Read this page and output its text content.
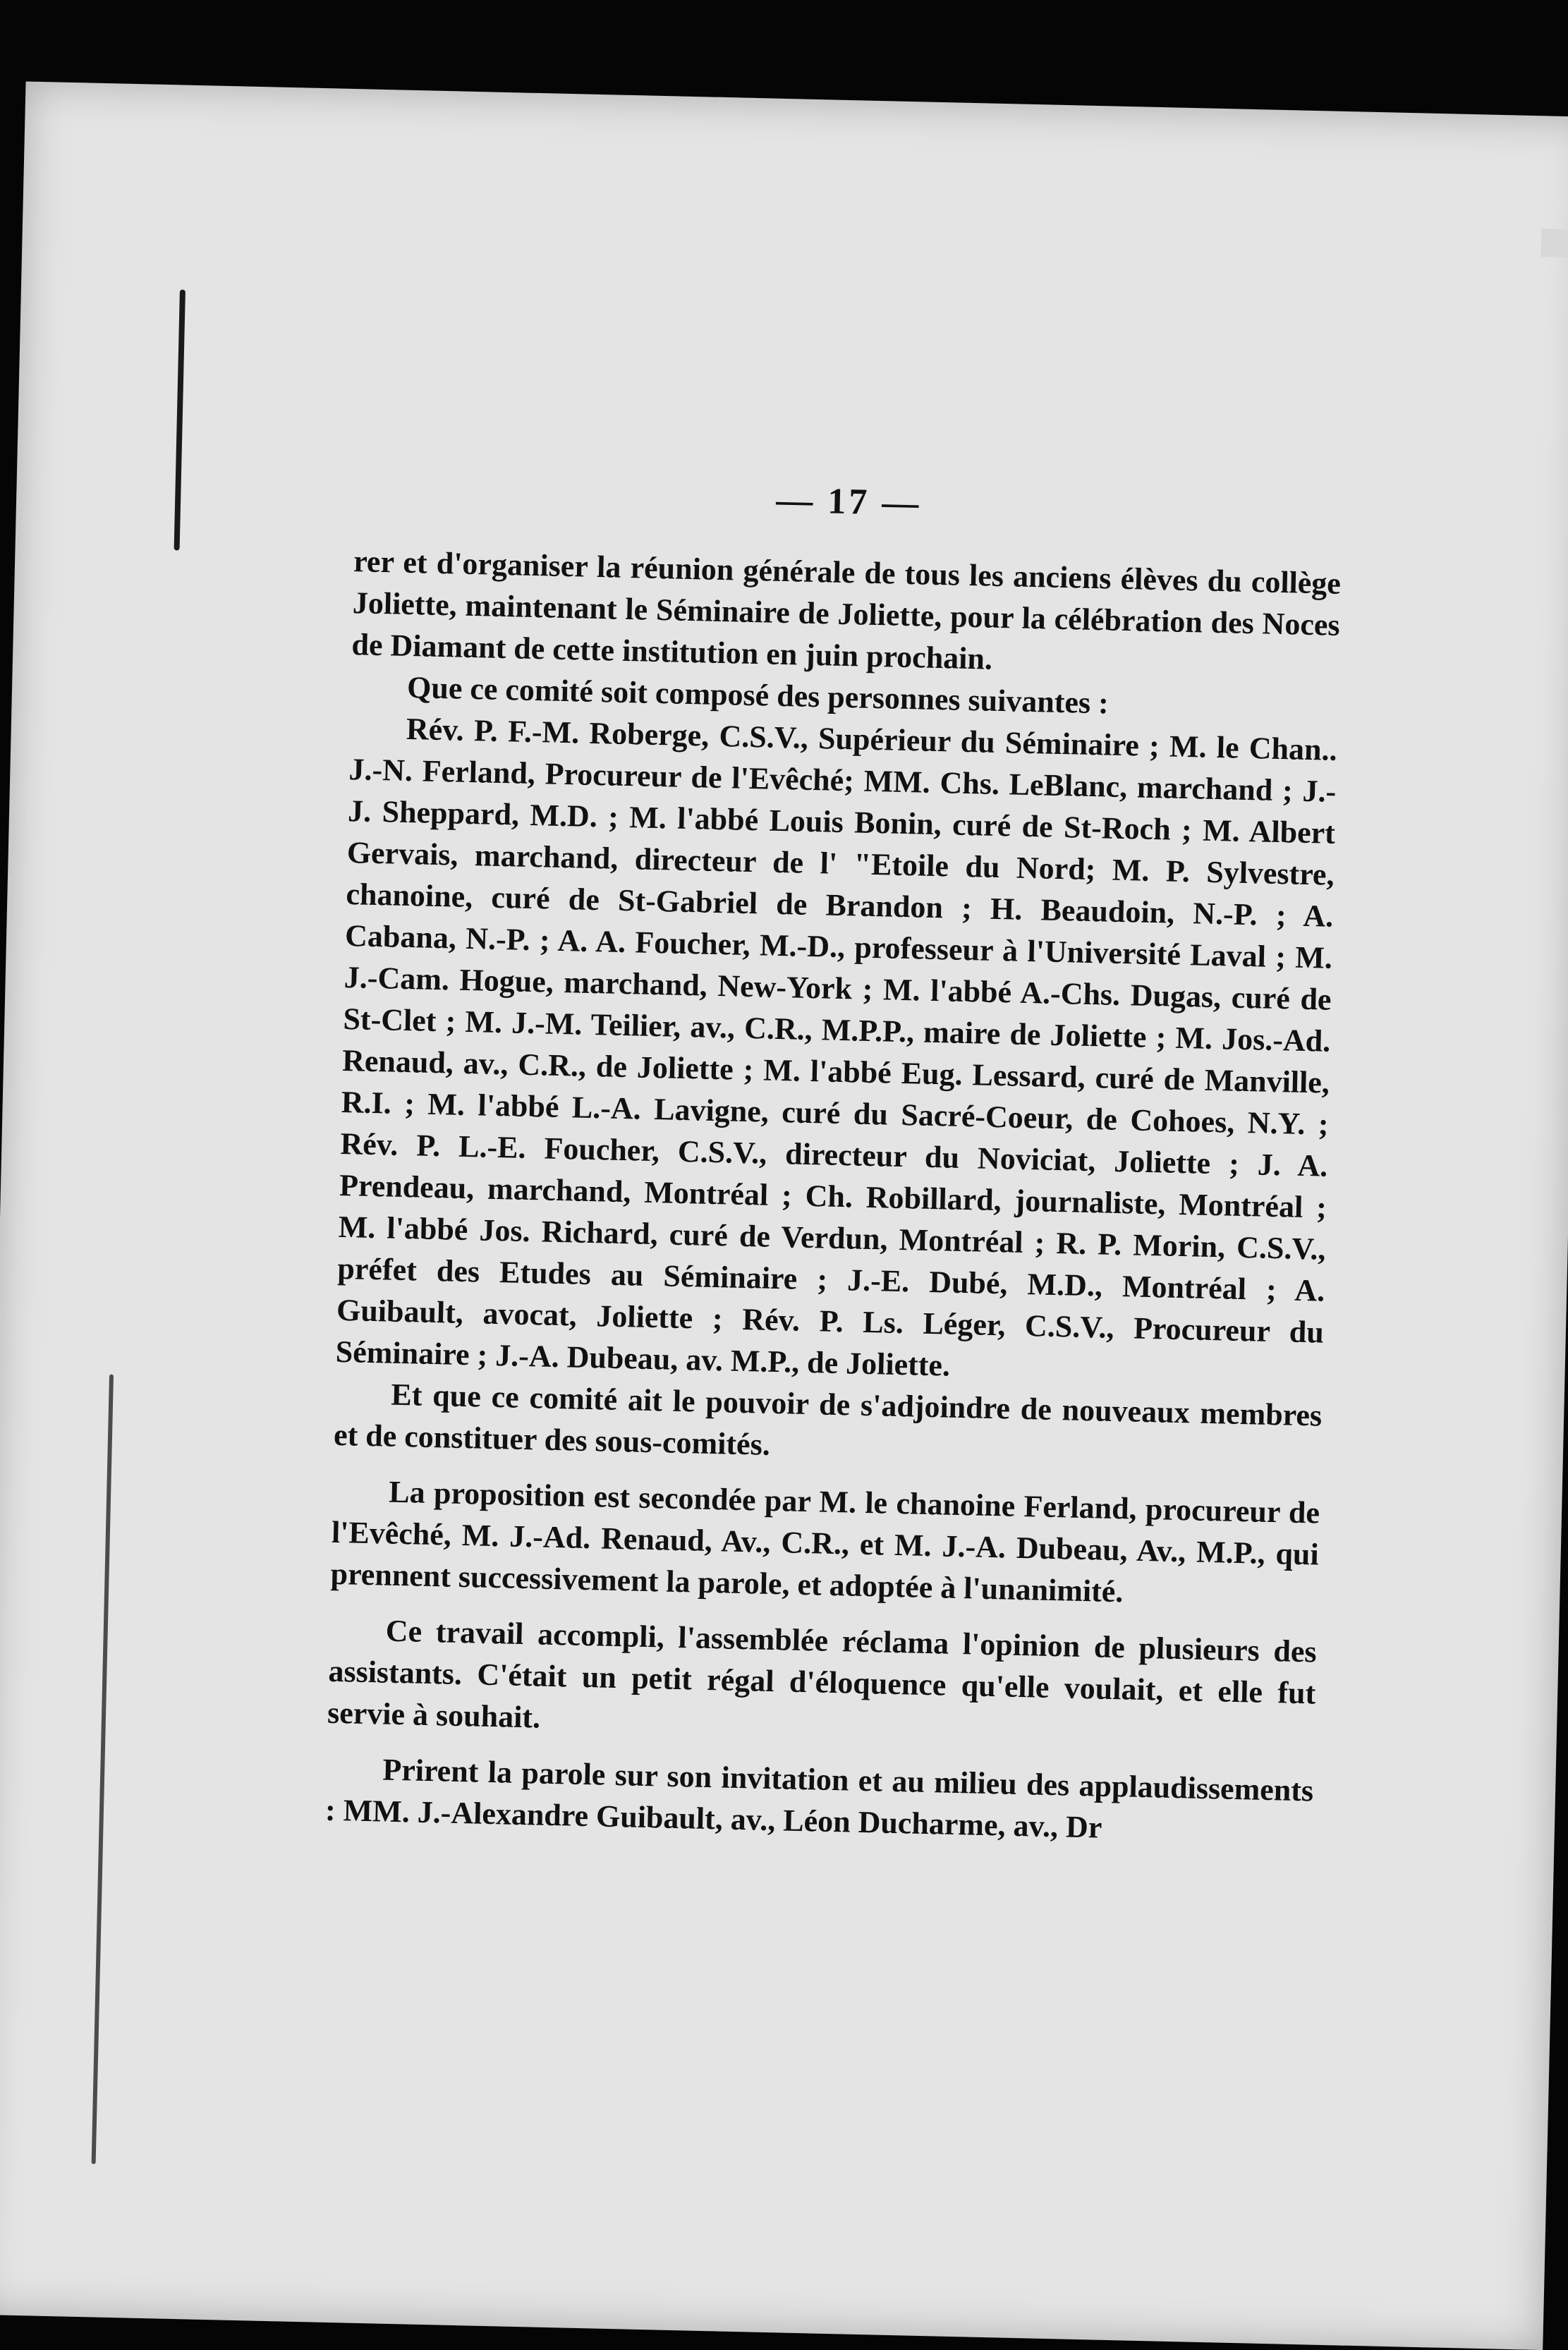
— 17 —

rer et d'organiser la réunion générale de tous les anciens élèves du collège Joliette, maintenant le Séminaire de Joliette, pour la célébration des Noces de Diamant de cette institution en juin prochain.

Que ce comité soit composé des personnes suivantes :

Rév. P. F.-M. Roberge, C.S.V., Supérieur du Séminaire ; M. le Chan.. J.-N. Ferland, Procureur de l'Evêché; MM. Chs. LeBlanc, marchand ; J.-J. Sheppard, M.D. ; M. l'abbé Louis Bonin, curé de St-Roch ; M. Albert Gervais, marchand, directeur de l' "Etoile du Nord; M. P. Sylvestre, chanoine, curé de St-Gabriel de Brandon ; H. Beaudoin, N.-P. ; A. Cabana, N.-P. ; A. A. Foucher, M.-D., professeur à l'Université Laval ; M. J.-Cam. Hogue, marchand, New-York ; M. l'abbé A.-Chs. Dugas, curé de St-Clet ; M. J.-M. Teilier, av., C.R., M.P.P., maire de Joliette ; M. Jos.-Ad. Renaud, av., C.R., de Joliette ; M. l'abbé Eug. Lessard, curé de Manville, R.I. ; M. l'abbé L.-A. Lavigne, curé du Sacré-Coeur, de Cohoes, N.Y. ; Rév. P. L.-E. Foucher, C.S.V., directeur du Noviciat, Joliette ; J. A. Prendeau, marchand, Montréal ; Ch. Robillard, journaliste, Montréal ; M. l'abbé Jos. Richard, curé de Verdun, Montréal ; R. P. Morin, C.S.V., préfet des Etudes au Séminaire ; J.-E. Dubé, M.D., Montréal ; A. Guibault, avocat, Joliette ; Rév. P. Ls. Léger, C.S.V., Procureur du Séminaire ; J.-A. Dubeau, av. M.P., de Joliette.

Et que ce comité ait le pouvoir de s'adjoindre de nouveaux membres et de constituer des sous-comités.

La proposition est secondée par M. le chanoine Ferland, procureur de l'Evêché, M. J.-Ad. Renaud, Av., C.R., et M. J.-A. Dubeau, Av., M.P., qui prennent successivement la parole, et adoptée à l'unanimité.

Ce travail accompli, l'assemblée réclama l'opinion de plusieurs des assistants. C'était un petit régal d'éloquence qu'elle voulait, et elle fut servie à souhait.

Prirent la parole sur son invitation et au milieu des applaudissements : MM. J.-Alexandre Guibault, av., Léon Ducharme, av., Dr
